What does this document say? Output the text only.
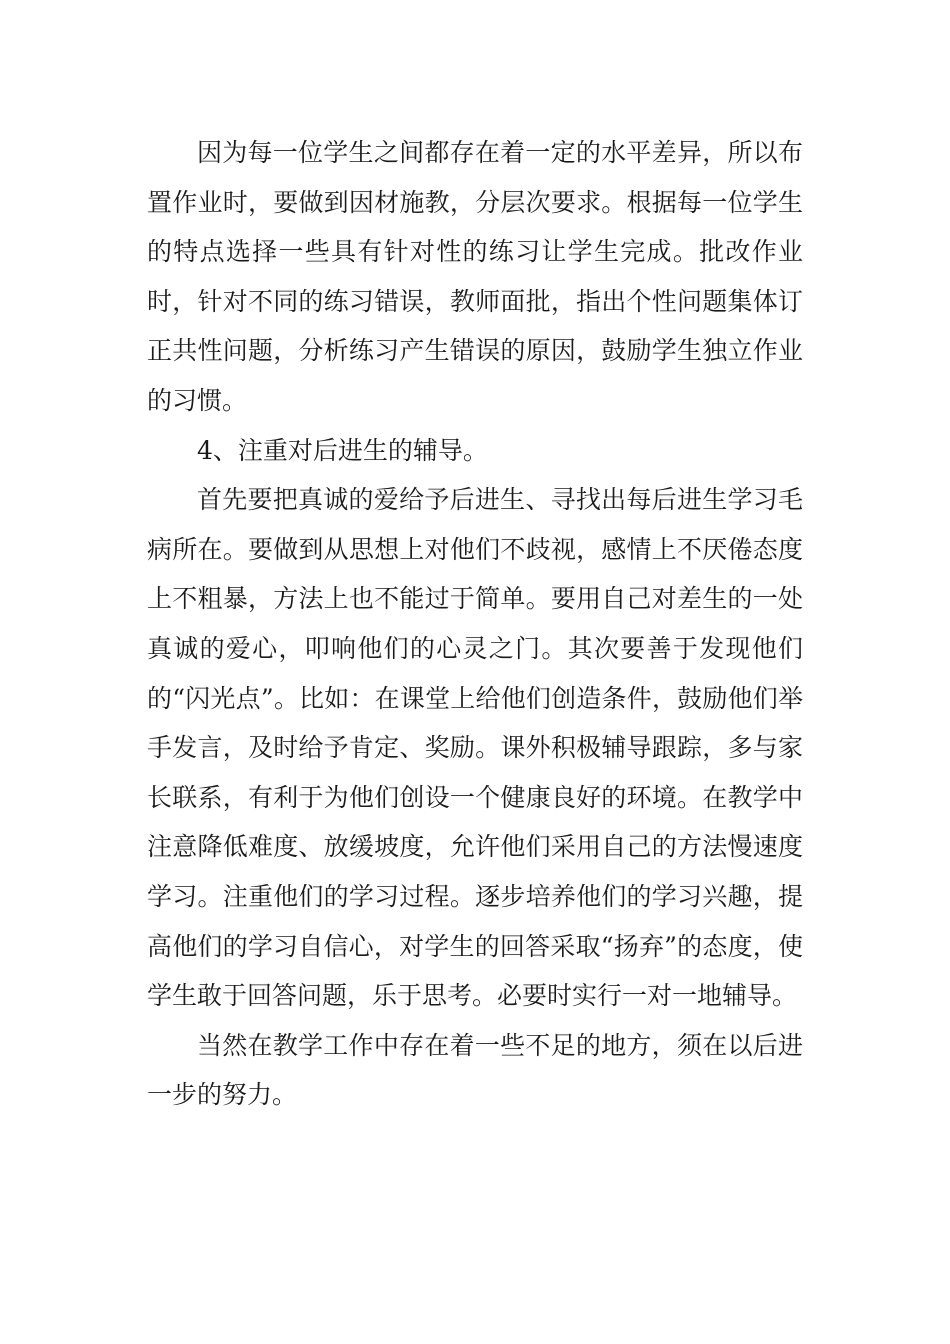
因为每一位学生之间都存在着一定的水平差异，所以布置作业时，要做到因材施教，分层次要求。根据每一位学生的特点选择一些具有针对性的练习让学生完成。批改作业时，针对不同的练习错误，教师面批，指出个性问题集体订正共性问题，分析练习产生错误的原因，鼓励学生独立作业的习惯。

4、注重对后进生的辅导。

首先要把真诚的爱给予后进生、寻找出每后进生学习毛病所在。要做到从思想上对他们不歧视，感情上不厌倦态度上不粗暴，方法上也不能过于简单。要用自己对差生的一处真诚的爱心，叩响他们的心灵之门。其次要善于发现他们的“闪光点”。比如：在课堂上给他们创造条件，鼓励他们举手发言，及时给予肯定、奖励。课外积极辅导跟踪，多与家长联系，有利于为他们创设一个健康良好的环境。在教学中注意降低难度、放缓坡度，允许他们采用自己的方法慢速度学习。注重他们的学习过程。逐步培养他们的学习兴趣，提高他们的学习自信心，对学生的回答采取“扬弃”的态度，使学生敢于回答问题，乐于思考。必要时实行一对一地辅导。

当然在教学工作中存在着一些不足的地方，须在以后进一步的努力。
